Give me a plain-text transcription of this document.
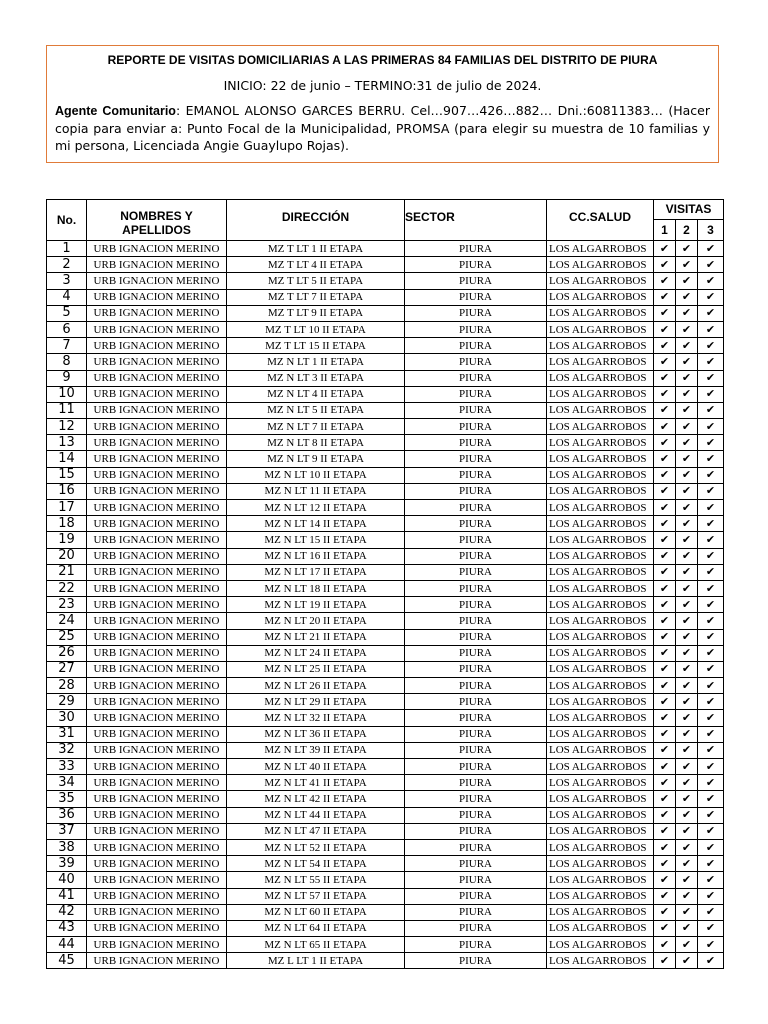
REPORTE DE VISITAS DOMICILIARIAS A LAS PRIMERAS 84 FAMILIAS DEL DISTRITO DE PIURA
INICIO: 22 de junio – TERMINO:31 de julio de 2024.
Agente Comunitario: EMANOL ALONSO GARCES BERRU. Cel…907…426…882… Dni.:60811383… (Hacer copia para enviar a: Punto Focal de la Municipalidad, PROMSA (para elegir su muestra de 10 familias y mi persona, Licenciada Angie Guaylupo Rojas).
No.	NOMBRES Y APELLIDOS	DIRECCIÓN	SECTOR	CC.SALUD	VISITAS		
					1	2	3
1	URB IGNACION MERINO	MZ T LT 1 II ETAPA	PIURA	LOS ALGARROBOS	✔	✔	✔
2	URB IGNACION MERINO	MZ T LT 4 II ETAPA	PIURA	LOS ALGARROBOS	✔	✔	✔
3	URB IGNACION MERINO	MZ T LT 5 II ETAPA	PIURA	LOS ALGARROBOS	✔	✔	✔
4	URB IGNACION MERINO	MZ T LT 7 II ETAPA	PIURA	LOS ALGARROBOS	✔	✔	✔
5	URB IGNACION MERINO	MZ T LT 9 II ETAPA	PIURA	LOS ALGARROBOS	✔	✔	✔
6	URB IGNACION MERINO	MZ T LT 10 II ETAPA	PIURA	LOS ALGARROBOS	✔	✔	✔
7	URB IGNACION MERINO	MZ T LT 15 II ETAPA	PIURA	LOS ALGARROBOS	✔	✔	✔
8	URB IGNACION MERINO	MZ N LT 1 II ETAPA	PIURA	LOS ALGARROBOS	✔	✔	✔
9	URB IGNACION MERINO	MZ N LT 3 II ETAPA	PIURA	LOS ALGARROBOS	✔	✔	✔
10	URB IGNACION MERINO	MZ N LT 4 II ETAPA	PIURA	LOS ALGARROBOS	✔	✔	✔
11	URB IGNACION MERINO	MZ N LT 5 II ETAPA	PIURA	LOS ALGARROBOS	✔	✔	✔
12	URB IGNACION MERINO	MZ N LT 7 II ETAPA	PIURA	LOS ALGARROBOS	✔	✔	✔
13	URB IGNACION MERINO	MZ N LT 8 II ETAPA	PIURA	LOS ALGARROBOS	✔	✔	✔
14	URB IGNACION MERINO	MZ N LT 9 II ETAPA	PIURA	LOS ALGARROBOS	✔	✔	✔
15	URB IGNACION MERINO	MZ N LT 10 II ETAPA	PIURA	LOS ALGARROBOS	✔	✔	✔
16	URB IGNACION MERINO	MZ N LT 11 II ETAPA	PIURA	LOS ALGARROBOS	✔	✔	✔
17	URB IGNACION MERINO	MZ N LT 12 II ETAPA	PIURA	LOS ALGARROBOS	✔	✔	✔
18	URB IGNACION MERINO	MZ N LT 14 II ETAPA	PIURA	LOS ALGARROBOS	✔	✔	✔
19	URB IGNACION MERINO	MZ N LT 15 II ETAPA	PIURA	LOS ALGARROBOS	✔	✔	✔
20	URB IGNACION MERINO	MZ N LT 16 II ETAPA	PIURA	LOS ALGARROBOS	✔	✔	✔
21	URB IGNACION MERINO	MZ N LT 17 II ETAPA	PIURA	LOS ALGARROBOS	✔	✔	✔
22	URB IGNACION MERINO	MZ N LT 18 II ETAPA	PIURA	LOS ALGARROBOS	✔	✔	✔
23	URB IGNACION MERINO	MZ N LT 19 II ETAPA	PIURA	LOS ALGARROBOS	✔	✔	✔
24	URB IGNACION MERINO	MZ N LT 20 II ETAPA	PIURA	LOS ALGARROBOS	✔	✔	✔
25	URB IGNACION MERINO	MZ N LT 21 II ETAPA	PIURA	LOS ALGARROBOS	✔	✔	✔
26	URB IGNACION MERINO	MZ N LT 24 II ETAPA	PIURA	LOS ALGARROBOS	✔	✔	✔
27	URB IGNACION MERINO	MZ N LT 25 II ETAPA	PIURA	LOS ALGARROBOS	✔	✔	✔
28	URB IGNACION MERINO	MZ N LT 26 II ETAPA	PIURA	LOS ALGARROBOS	✔	✔	✔
29	URB IGNACION MERINO	MZ N LT 29 II ETAPA	PIURA	LOS ALGARROBOS	✔	✔	✔
30	URB IGNACION MERINO	MZ N LT 32 II ETAPA	PIURA	LOS ALGARROBOS	✔	✔	✔
31	URB IGNACION MERINO	MZ N LT 36 II ETAPA	PIURA	LOS ALGARROBOS	✔	✔	✔
32	URB IGNACION MERINO	MZ N LT 39 II ETAPA	PIURA	LOS ALGARROBOS	✔	✔	✔
33	URB IGNACION MERINO	MZ N LT 40 II ETAPA	PIURA	LOS ALGARROBOS	✔	✔	✔
34	URB IGNACION MERINO	MZ N LT 41 II ETAPA	PIURA	LOS ALGARROBOS	✔	✔	✔
35	URB IGNACION MERINO	MZ N LT 42 II ETAPA	PIURA	LOS ALGARROBOS	✔	✔	✔
36	URB IGNACION MERINO	MZ N LT 44 II ETAPA	PIURA	LOS ALGARROBOS	✔	✔	✔
37	URB IGNACION MERINO	MZ N LT 47 II ETAPA	PIURA	LOS ALGARROBOS	✔	✔	✔
38	URB IGNACION MERINO	MZ N LT 52 II ETAPA	PIURA	LOS ALGARROBOS	✔	✔	✔
39	URB IGNACION MERINO	MZ N LT 54 II ETAPA	PIURA	LOS ALGARROBOS	✔	✔	✔
40	URB IGNACION MERINO	MZ N LT 55 II ETAPA	PIURA	LOS ALGARROBOS	✔	✔	✔
41	URB IGNACION MERINO	MZ N LT 57 II ETAPA	PIURA	LOS ALGARROBOS	✔	✔	✔
42	URB IGNACION MERINO	MZ N LT 60 II ETAPA	PIURA	LOS ALGARROBOS	✔	✔	✔
43	URB IGNACION MERINO	MZ N LT 64 II ETAPA	PIURA	LOS ALGARROBOS	✔	✔	✔
44	URB IGNACION MERINO	MZ N LT 65 II ETAPA	PIURA	LOS ALGARROBOS	✔	✔	✔
45	URB IGNACION MERINO	MZ L LT 1 II ETAPA	PIURA	LOS ALGARROBOS	✔	✔	✔
